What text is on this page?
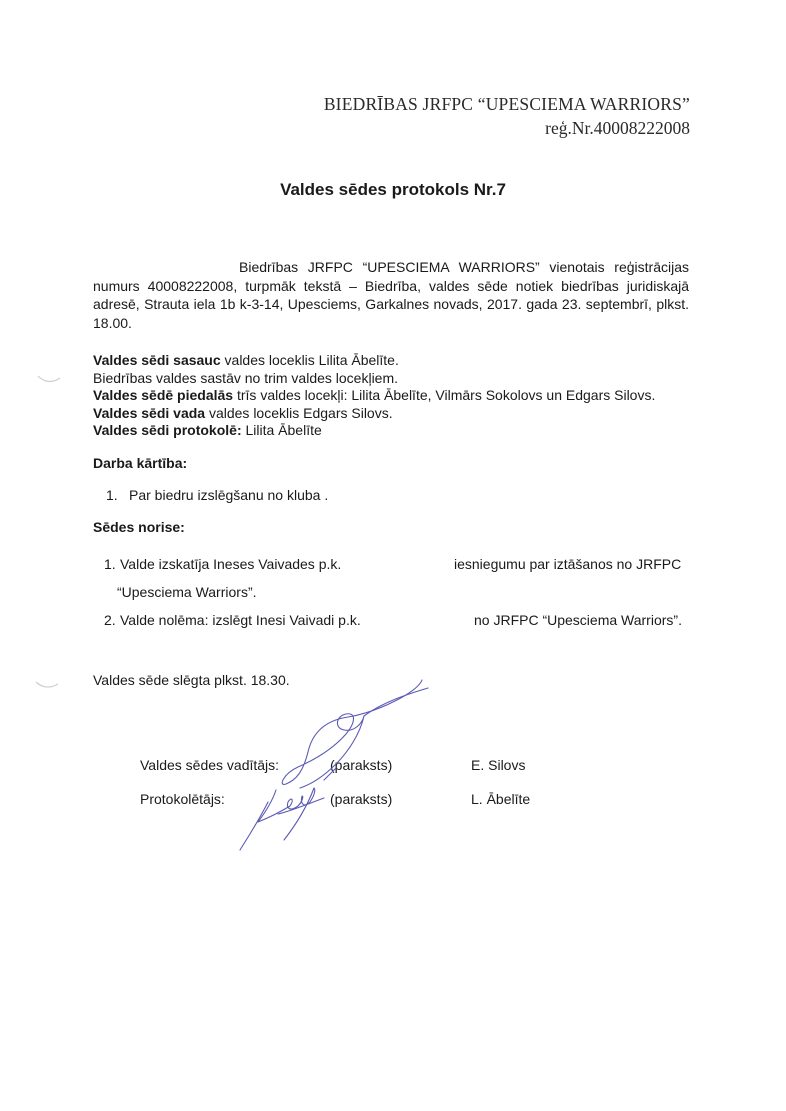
BIEDRĪBAS JRFPC “UPESCIEMA WARRIORS”
reģ.Nr.40008222008
Valdes sēdes protokols Nr.7

Biedrības JRFPC “UPESCIEMA WARRIORS” vienotais reģistrācijas numurs 40008222008, turpmāk tekstā – Biedrība, valdes sēde notiek biedrības juridiskajā adresē, Strauta iela 1b k-3-14, Upesciems, Garkalnes novads, 2017. gada 23. septembrī, plkst. 18.00.

Valdes sēdi sasauc valdes loceklis Lilita Ābelīte.
Biedrības valdes sastāv no trim valdes locekļiem.
Valdes sēdē piedalās trīs valdes locekļi: Lilita Ābelīte, Vilmārs Sokolovs un Edgars Silovs.
Valdes sēdi vada valdes loceklis Edgars Silovs.
Valdes sēdi protokolē: Lilita Ābelīte
Darba kārtība:
1. Par biedru izslēgšanu no kluba .
Sēdes norise:
1. Valde izskatīja Ineses Vaivades p.k.	iesniegumu par iztāšanos no JRFPC
“Upesciema Warriors”.
2. Valde nolēma: izslēgt Inesi Vaivadi p.k.	no JRFPC “Upesciema Warriors”.
Valdes sēde slēgta plkst. 18.30.
Valdes sēdes vadītājs:	(paraksts)	E. Silovs
Protokolētājs:	(paraksts)	L. Ābelīte
